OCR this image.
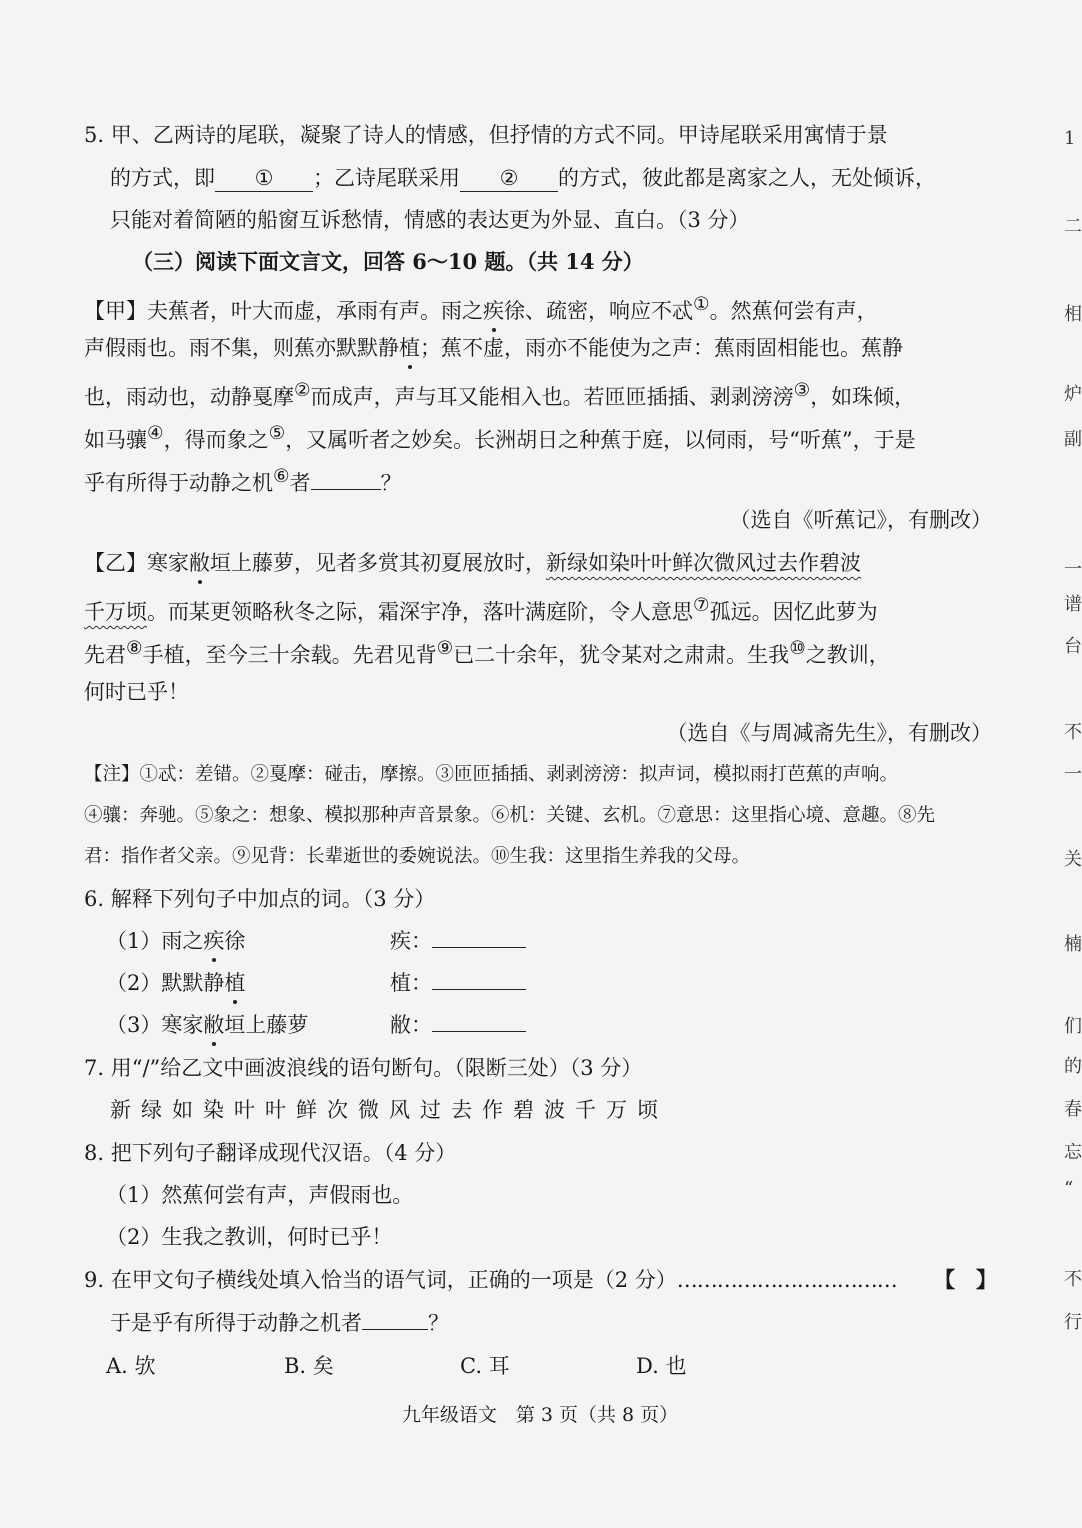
5. 甲、乙两诗的尾联，凝聚了诗人的情感，但抒情的方式不同。甲诗尾联采用寓情于景
的方式，即 ① ；乙诗尾联采用 ② 的方式，彼此都是离家之人，无处倾诉，
只能对着简陋的船窗互诉愁情，情感的表达更为外显、直白。（3 分）
（三）阅读下面文言文，回答 6～10 题。（共 14 分）
【甲】夫蕉者，叶大而虚，承雨有声。雨之疾徐、疏密，响应不忒①。然蕉何尝有声，
声假雨也。雨不集，则蕉亦默默静植；蕉不虚，雨亦不能使为之声：蕉雨固相能也。蕉静
也，雨动也，动静戛摩②而成声，声与耳又能相入也。若匝匝插插、剥剥滂滂③，如珠倾，
如马骧④，得而象之⑤，又属听者之妙矣。长洲胡日之种蕉于庭，以伺雨，号“听蕉”，于是
乎有所得于动静之机⑥者	？
（选自《听蕉记》，有删改）
【乙】寒家敝垣上藤萝，见者多赏其初夏展放时，新绿如染叶叶鲜次微风过去作碧波
千万顷。而某更领略秋冬之际，霜深宇净，落叶满庭阶，令人意思⑦孤远。因忆此萝为
先君⑧手植，至今三十余载。先君见背⑨已二十余年，犹令某对之肃肃。生我⑩之教训，
何时已乎！
（选自《与周减斋先生》，有删改）
【注】①忒：差错。②戛摩：碰击，摩擦。③匝匝插插、剥剥滂滂：拟声词，模拟雨打芭蕉的声响。
④骧：奔驰。⑤象之：想象、模拟那种声音景象。⑥机：关键、玄机。⑦意思：这里指心境、意趣。⑧先
君：指作者父亲。⑨见背：长辈逝世的委婉说法。⑩生我：这里指生养我的父母。
6. 解释下列句子中加点的词。（3 分）
（1）雨之疾徐	疾：
（2）默默静植	植：
（3）寒家敝垣上藤萝	敝：
7. 用“/”给乙文中画波浪线的语句断句。（限断三处）（3 分）
新绿如染叶叶鲜次微风过去作碧波千万顷
8. 把下列句子翻译成现代汉语。（4 分）
（1）然蕉何尝有声，声假雨也。
（2）生我之教训，何时已乎！
9. 在甲文句子横线处填入恰当的语气词，正确的一项是（2 分）…………………………… 【　】
于是乎有所得于动静之机者	？
A. 欤	B. 矣	C. 耳	D. 也
九年级语文　第 3 页（共 8 页）
1
二
相
炉
副
一
谱
台
不
一
关
楠
们
的
春
忘
“
不
行
